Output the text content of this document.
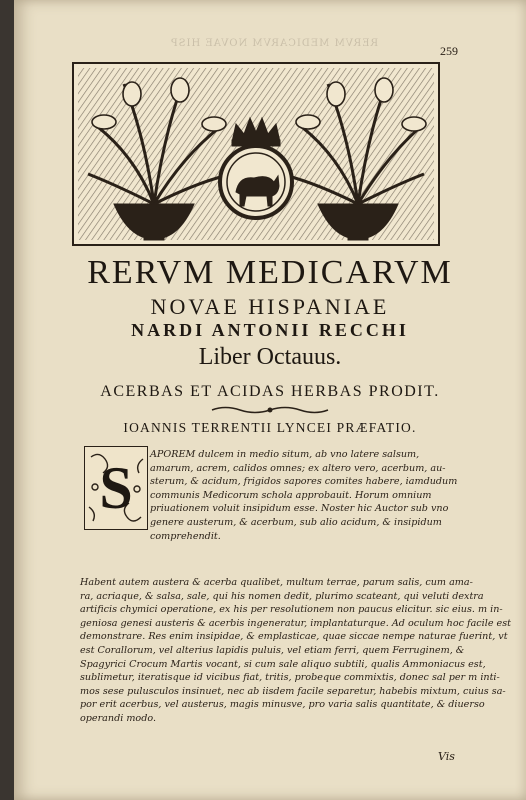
RERVM MEDICARVM NOVAE HISP
259
RERVM MEDICARVM
NOVAE HISPANIAE
NARDI ANTONII RECCHI
Liber Octauus.
ACERBAS ET ACIDAS HERBAS PRODIT.
IOANNIS TERRENTII LYNCEI PRÆFATIO.
S
APOREM dulcem in medio situm, ab vno latere salsum,
amarum, acrem, calidos omnes; ex altero vero, acerbum, au-
sterum, & acidum, frigidos sapores comites habere, iamdudum
communis Medicorum schola approbauit. Horum omnium
priuationem voluit insipidum esse. Noster hic Auctor sub vno
genere austerum, & acerbum, sub alio acidum, & insipidum
comprehendit.
Habent autem austera & acerba qualibet, multum terrae, parum salis, cum ama-
ra, acriaque, & salsa, sale, qui his nomen dedit, plurimo scateant, qui veluti dextra
artificis chymici operatione, ex his per resolutionem non paucus elicitur. sic eius. m in-
geniosa genesi austeris & acerbis ingeneratur, implantaturque. Ad oculum hoc facile est
demonstrare. Res enim insipidae, & emplasticae, quae siccae nempe naturae fuerint, vt
est Corallorum, vel alterius lapidis puluis, vel etiam ferri, quem Ferruginem, &
Spagyrici Crocum Martis vocant, si cum sale aliquo subtili, qualis Ammoniacus est,
sublimetur, iteratisque id vicibus fiat, tritis, probeque commixtis, donec sal per m inti-
mos sese pulusculos insinuet, nec ab iisdem facile separetur, habebis mixtum, cuius sa-
por erit acerbus, vel austerus, magis minusve, pro varia salis quantitate, & diuerso
operandi modo.
Vis
